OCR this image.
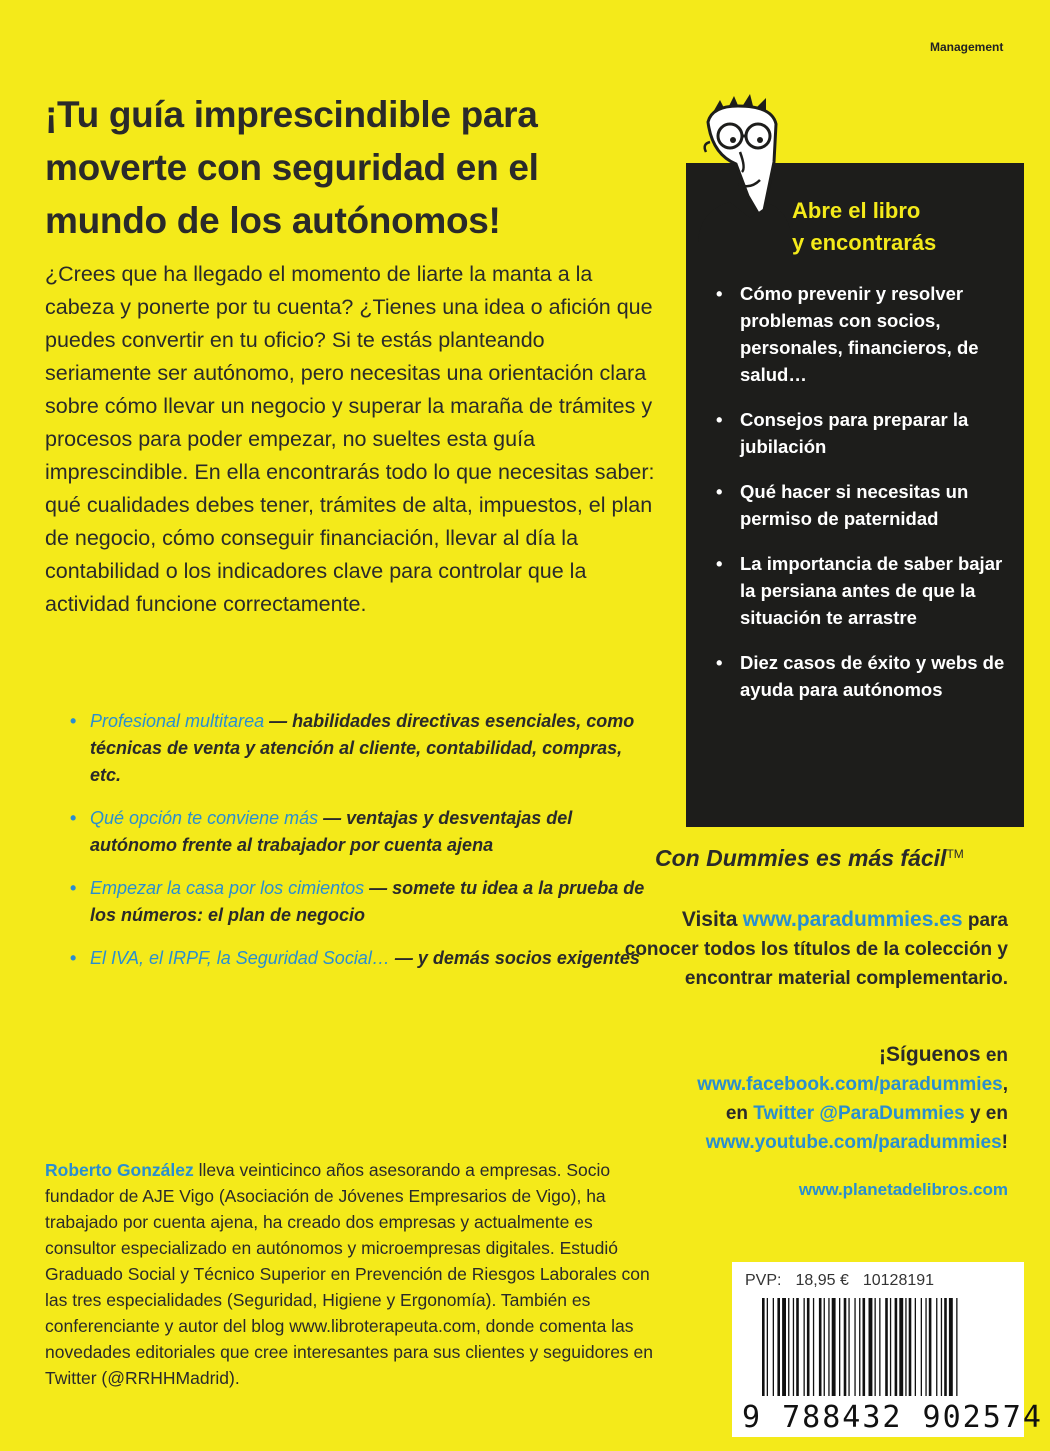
Management
¡Tu guía imprescindible para moverte con seguridad en el mundo de los autónomos!
¿Crees que ha llegado el momento de liarte la manta a la cabeza y ponerte por tu cuenta? ¿Tienes una idea o afición que puedes convertir en tu oficio? Si te estás planteando seriamente ser autónomo, pero necesitas una orientación clara sobre cómo llevar un negocio y superar la maraña de trámites y procesos para poder empezar, no sueltes esta guía imprescindible. En ella encontrarás todo lo que necesitas saber: qué cualidades debes tener, trámites de alta, impuestos, el plan de negocio, cómo conseguir financiación, llevar al día la contabilidad o los indicadores clave para controlar que la actividad funcione correctamente.
• Profesional multitarea — habilidades directivas esenciales, como técnicas de venta y atención al cliente, contabilidad, compras, etc.
• Qué opción te conviene más — ventajas y desventajas del autónomo frente al trabajador por cuenta ajena
• Empezar la casa por los cimientos — somete tu idea a la prueba de los números: el plan de negocio
• El IVA, el IRPF, la Seguridad Social… — y demás socios exigentes
Abre el libro
y encontrarás
• Cómo prevenir y resolver problemas con socios, personales, financieros, de salud…
• Consejos para preparar la jubilación
• Qué hacer si necesitas un permiso de paternidad
• La importancia de saber bajar la persiana antes de que la situación te arrastre
• Diez casos de éxito y webs de ayuda para autónomos
Con Dummies es más fácil™
Visita www.paradummies.es para conocer todos los títulos de la colección y encontrar material complementario.
¡Síguenos en
www.facebook.com/paradummies,
en Twitter @ParaDummies y en
www.youtube.com/paradummies!
www.planetadelibros.com
Roberto González lleva veinticinco años asesorando a empresas. Socio fundador de AJE Vigo (Asociación de Jóvenes Empresarios de Vigo), ha trabajado por cuenta ajena, ha creado dos empresas y actualmente es consultor especializado en autónomos y microempresas digitales. Estudió Graduado Social y Técnico Superior en Prevención de Riesgos Laborales con las tres especialidades (Seguridad, Higiene y Ergonomía). También es conferenciante y autor del blog www.libroterapeuta.com, donde comenta las novedades editoriales que cree interesantes para sus clientes y seguidores en Twitter (@RRHHMadrid).
PVP: 18,95 € 10128191
9 788432 902574
